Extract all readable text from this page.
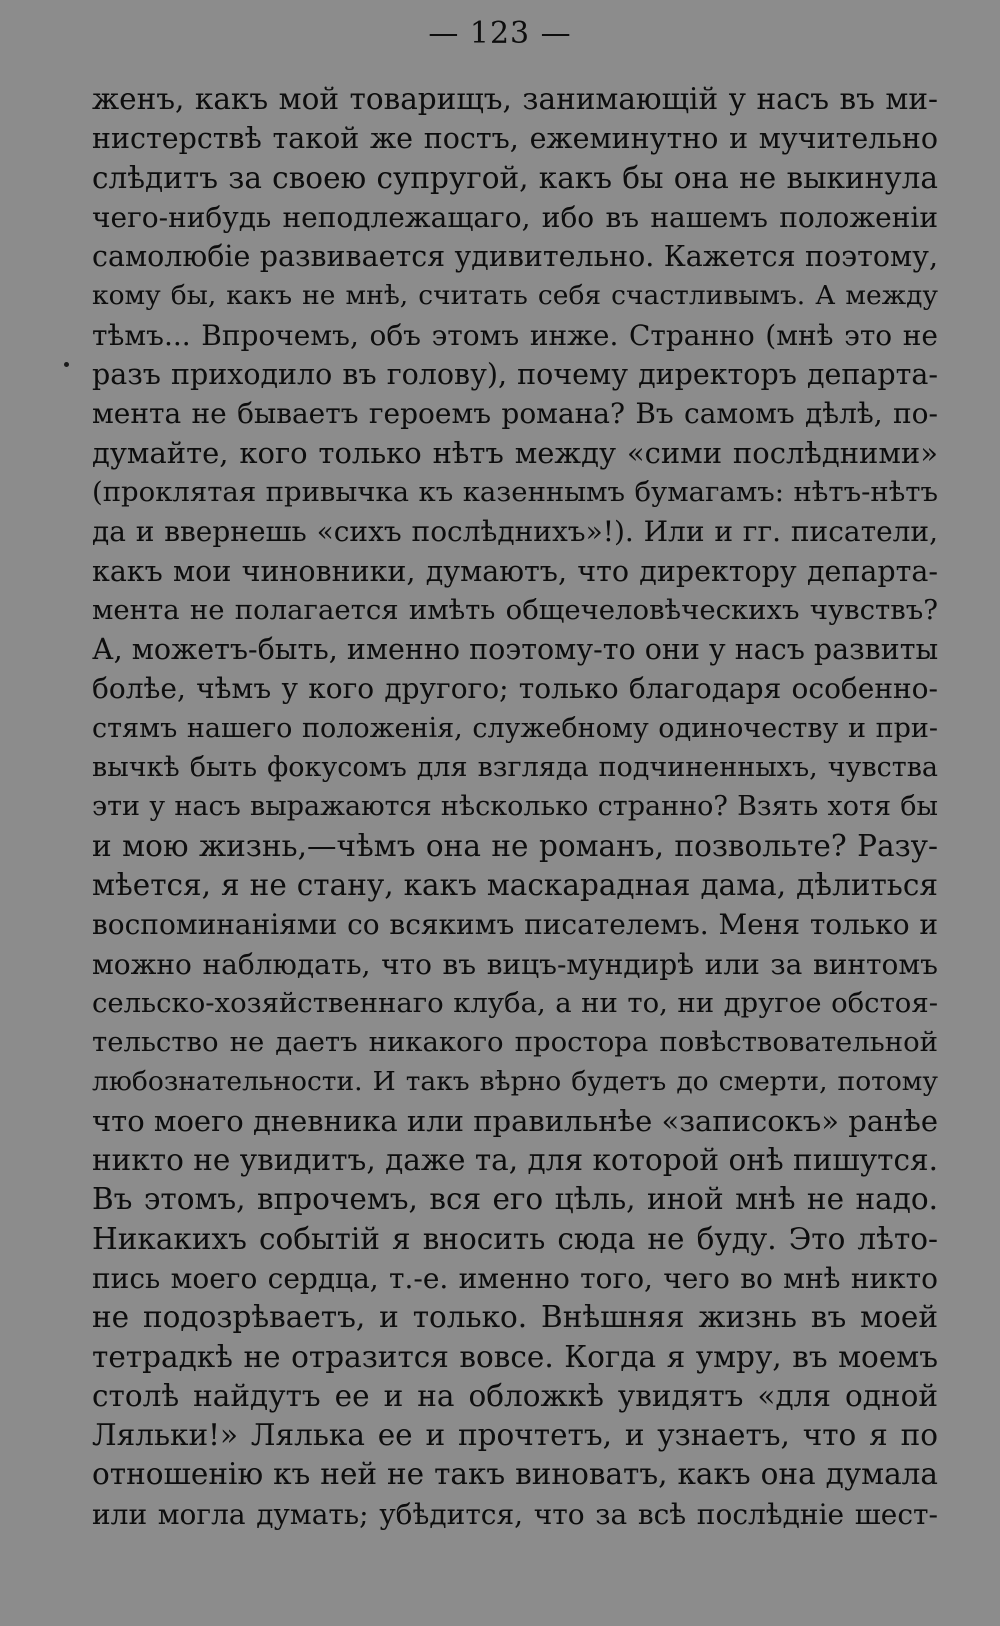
— 123 —
женъ, какъ мой товарищъ, занимающій у насъ въ ми-
нистерствѣ такой же постъ, ежеминутно и мучительно
слѣдитъ за своею супругой, какъ бы она не выкинула
чего-нибудь неподлежащаго, ибо въ нашемъ положеніи
самолюбіе развивается удивительно. Кажется поэтому,
кому бы, какъ не мнѣ, считать себя счастливымъ. А между
тѣмъ... Впрочемъ, объ этомъ инже. Странно (мнѣ это не
разъ приходило въ голову), почему директоръ департа-
мента не бываетъ героемъ романа? Въ самомъ дѣлѣ, по-
думайте, кого только нѣтъ между «сими послѣдними»
(проклятая привычка къ казеннымъ бумагамъ: нѣтъ-нѣтъ
да и ввернешь «сихъ послѣднихъ»!). Или и гг. писатели,
какъ мои чиновники, думаютъ, что директору департа-
мента не полагается имѣть общечеловѣческихъ чувствъ?
А, можетъ-быть, именно поэтому-то они у насъ развиты
болѣе, чѣмъ у кого другого; только благодаря особенно-
стямъ нашего положенія, служебному одиночеству и при-
вычкѣ быть фокусомъ для взгляда подчиненныхъ, чувства
эти у насъ выражаются нѣсколько странно? Взять хотя бы
и мою жизнь,—чѣмъ она не романъ, позвольте? Разу-
мѣется, я не стану, какъ маскарадная дама, дѣлиться
воспоминаніями со всякимъ писателемъ. Меня только и
можно наблюдать, что въ вицъ-мундирѣ или за винтомъ
сельско-хозяйственнаго клуба, а ни то, ни другое обстоя-
тельство не даетъ никакого простора повѣствовательной
любознательности. И такъ вѣрно будетъ до смерти, потому
что моего дневника или правильнѣе «записокъ» ранѣе
никто не увидитъ, даже та, для которой онѣ пишутся.
Въ этомъ, впрочемъ, вся его цѣль, иной мнѣ не надо.
Никакихъ событій я вносить сюда не буду. Это лѣто-
пись моего сердца, т.-е. именно того, чего во мнѣ никто
не подозрѣваетъ, и только. Внѣшняя жизнь въ моей
тетрадкѣ не отразится вовсе. Когда я умру, въ моемъ
столѣ найдутъ ее и на обложкѣ увидятъ «для одной
Ляльки!» Лялька ее и прочтетъ, и узнаетъ, что я по
отношенію къ ней не такъ виноватъ, какъ она думала
или могла думать; убѣдится, что за всѣ послѣдніе шест-
